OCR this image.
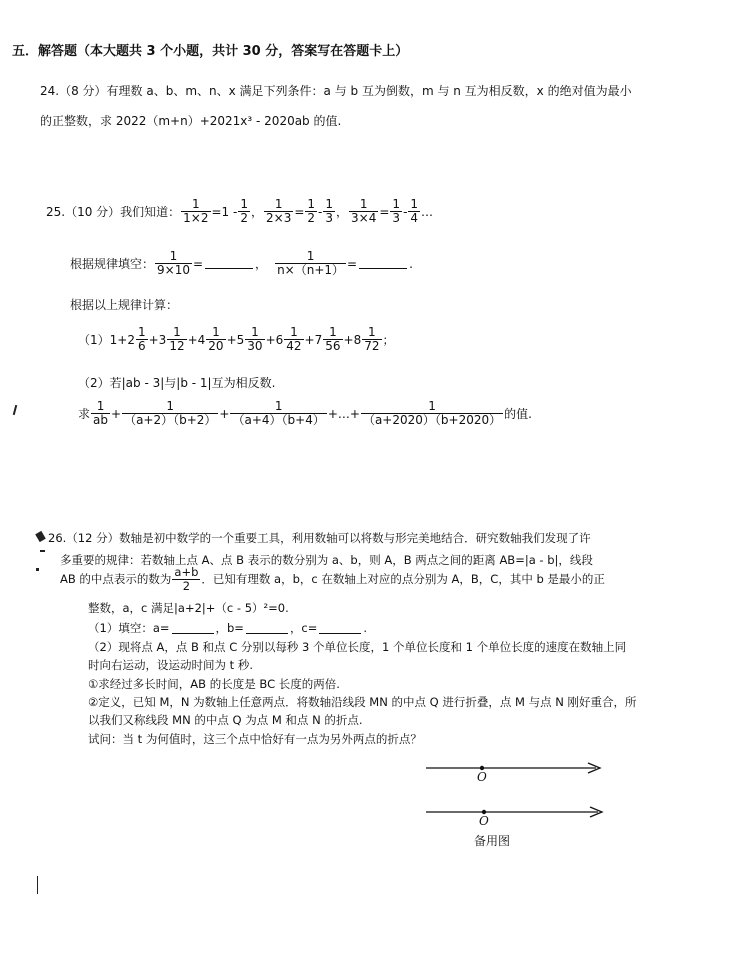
五．解答题（本大题共 3 个小题，共计 30 分，答案写在答题卡上）
24.（8 分）有理数 a、b、m、n、x 满足下列条件：a 与 b 互为倒数，m 与 n 互为相反数，x 的绝对值为最小
的正整数，求 2022（m+n）+2021x³ - 2020ab 的值.
25.（10 分）我们知道： $\frac{1}{1\times 2} =1 - \frac{1}{2}$ ， $\frac{1}{2\times 3} = \frac{1}{2} - \frac{1}{3}$ ， $\frac{1}{3\times 4} = \frac{1}{3} - \frac{1}{4}$ …
根据规律填空： $\frac{1}{9\times 10}$ =	， $\frac{1}{n\times(n+1)}$ =	.
根据以上规律计算：
$(1)1+2 \frac{1}{6} +3 \frac{1}{12} +4 \frac{1}{20} +5 \frac{1}{30} +6 \frac{1}{42} +7 \frac{1}{56} +8 \frac{1}{72}$ ；
（2）若|ab - 3|与|b - 1|互为相反数.
求 $\frac{1}{ab} + \frac{1}{(a+2)(b+2)} + \frac{1}{(a+4)(b+4)}$ +…+ $\frac{1}{(a+2020)(b+2020)}$ 的值.
26.（12 分）数轴是初中数学的一个重要工具，利用数轴可以将数与形完美地结合．研究数轴我们发现了许
多重要的规律：若数轴上点 A、点 B 表示的数分别为 a、b，则 A，B 两点之间的距离 AB=|a - b|，线段
AB 的中点表示的数为 $\frac{a+b}{2}$ ．已知有理数 a，b，c 在数轴上对应的点分别为 A，B，C，其中 b 是最小的正
整数，a，c 满足|a+2|+（c - 5）²=0.
（1）填空：a=	，b=	，c=	.
（2）现将点 A，点 B 和点 C 分别以每秒 3 个单位长度，1 个单位长度和 1 个单位长度的速度在数轴上同
时向右运动，设运动时间为 t 秒.
①求经过多长时间，AB 的长度是 BC 长度的两倍.
②定义，已知 M，N 为数轴上任意两点．将数轴沿线段 MN 的中点 Q 进行折叠，点 M 与点 N 刚好重合，所
以我们又称线段 MN 的中点 Q 为点 M 和点 N 的折点.
试问：当 t 为何值时，这三个点中恰好有一点为另外两点的折点？
O
O
备用图
